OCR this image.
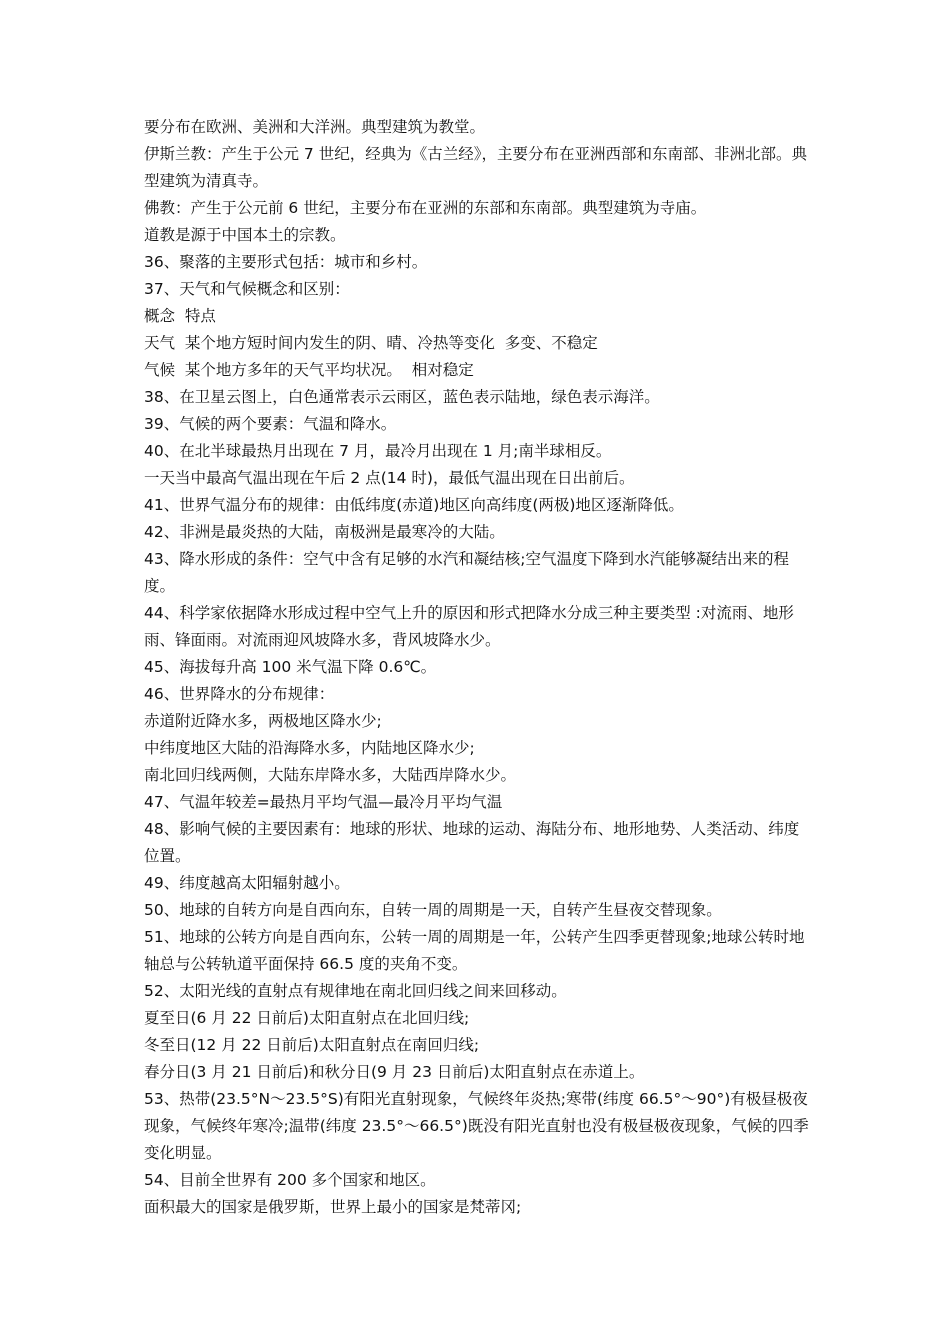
要分布在欧洲、美洲和大洋洲。典型建筑为教堂。

伊斯兰教：产生于公元 7 世纪，经典为《古兰经》，主要分布在亚洲西部和东南部、非洲北部。典型建筑为清真寺。

佛教：产生于公元前 6 世纪，主要分布在亚洲的东部和东南部。典型建筑为寺庙。

道教是源于中国本土的宗教。

36、聚落的主要形式包括：城市和乡村。

37、天气和气候概念和区别：

概念  特点

天气  某个地方短时间内发生的阴、晴、冷热等变化  多变、不稳定

气候  某个地方多年的天气平均状况。  相对稳定

38、在卫星云图上，白色通常表示云雨区，蓝色表示陆地，绿色表示海洋。

39、气候的两个要素：气温和降水。

40、在北半球最热月出现在 7 月，最冷月出现在 1 月;南半球相反。

一天当中最高气温出现在午后 2 点(14 时)，最低气温出现在日出前后。

41、世界气温分布的规律：由低纬度(赤道)地区向高纬度(两极)地区逐渐降低。

42、非洲是最炎热的大陆，南极洲是最寒冷的大陆。

43、降水形成的条件：空气中含有足够的水汽和凝结核;空气温度下降到水汽能够凝结出来的程度。

44、科学家依据降水形成过程中空气上升的原因和形式把降水分成三种主要类型 :对流雨、地形雨、锋面雨。对流雨迎风坡降水多，背风坡降水少。

45、海拔每升高 100 米气温下降 0.6℃。

46、世界降水的分布规律：

赤道附近降水多，两极地区降水少;

中纬度地区大陆的沿海降水多，内陆地区降水少;

南北回归线两侧，大陆东岸降水多，大陆西岸降水少。

47、气温年较差=最热月平均气温—最冷月平均气温

48、影响气候的主要因素有：地球的形状、地球的运动、海陆分布、地形地势、人类活动、纬度位置。

49、纬度越高太阳辐射越小。

50、地球的自转方向是自西向东，自转一周的周期是一天，自转产生昼夜交替现象。

51、地球的公转方向是自西向东，公转一周的周期是一年，公转产生四季更替现象;地球公转时地轴总与公转轨道平面保持 66.5 度的夹角不变。

52、太阳光线的直射点有规律地在南北回归线之间来回移动。

夏至日(6 月 22 日前后)太阳直射点在北回归线;

冬至日(12 月 22 日前后)太阳直射点在南回归线;

春分日(3 月 21 日前后)和秋分日(9 月 23 日前后)太阳直射点在赤道上。

53、热带(23.5°N～23.5°S)有阳光直射现象，气候终年炎热;寒带(纬度 66.5°～90°)有极昼极夜现象，气候终年寒冷;温带(纬度 23.5°～66.5°)既没有阳光直射也没有极昼极夜现象，气候的四季变化明显。

54、目前全世界有 200 多个国家和地区。

面积最大的国家是俄罗斯，世界上最小的国家是梵蒂冈;
